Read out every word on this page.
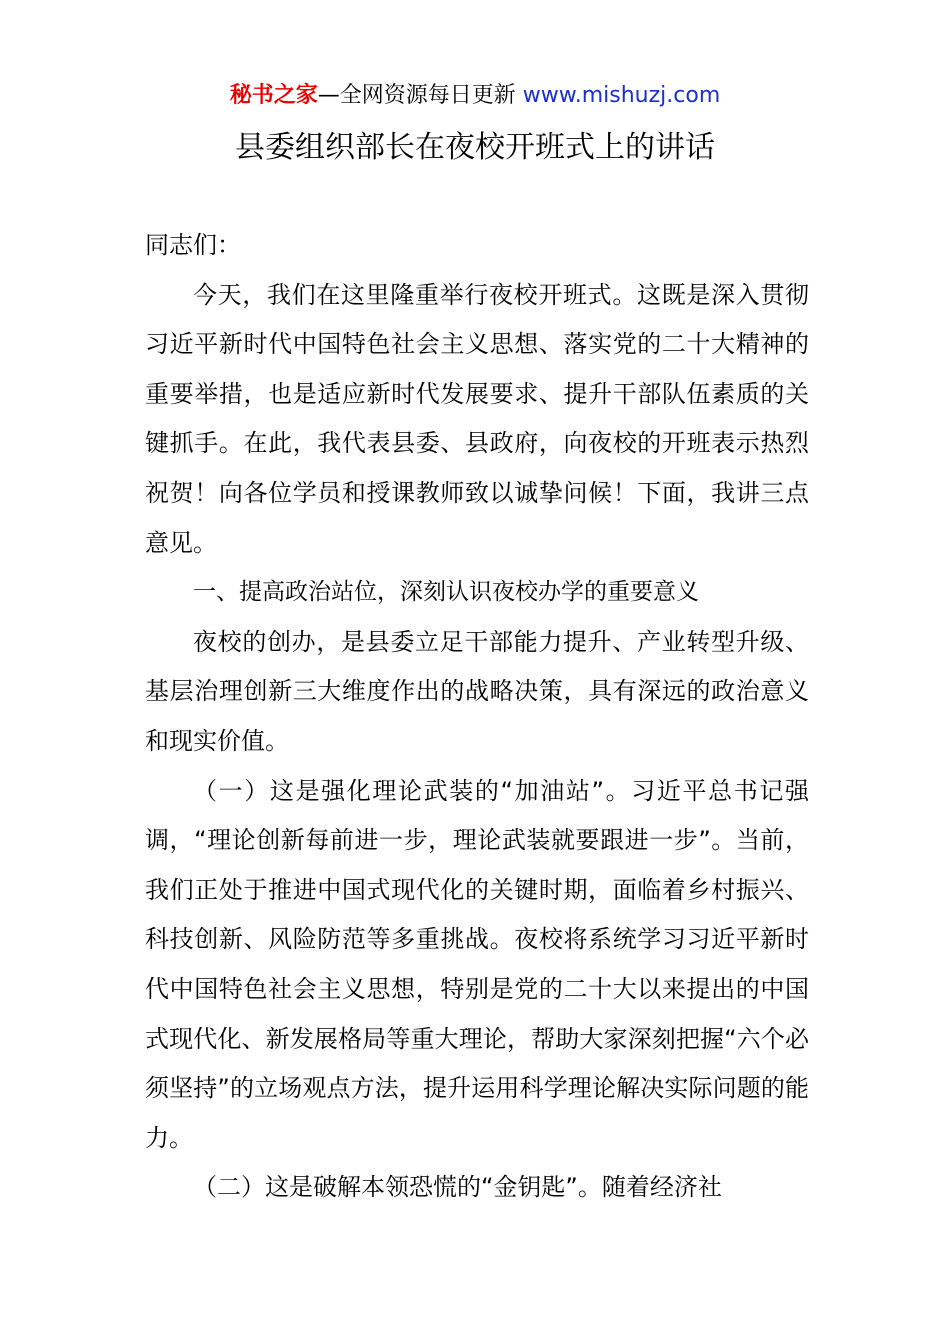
秘书之家—全网资源每日更新 www.mishuzj.com
县委组织部长在夜校开班式上的讲话

同志们：

今天，我们在这里隆重举行夜校开班式。这既是深入贯彻习近平新时代中国特色社会主义思想、落实党的二十大精神的重要举措，也是适应新时代发展要求、提升干部队伍素质的关键抓手。在此，我代表县委、县政府，向夜校的开班表示热烈祝贺！向各位学员和授课教师致以诚挚问候！下面，我讲三点意见。

一、提高政治站位，深刻认识夜校办学的重要意义

夜校的创办，是县委立足干部能力提升、产业转型升级、基层治理创新三大维度作出的战略决策，具有深远的政治意义和现实价值。

（一）这是强化理论武装的“加油站”。习近平总书记强调，“理论创新每前进一步，理论武装就要跟进一步”。当前，我们正处于推进中国式现代化的关键时期，面临着乡村振兴、科技创新、风险防范等多重挑战。夜校将系统学习习近平新时代中国特色社会主义思想，特别是党的二十大以来提出的中国式现代化、新发展格局等重大理论，帮助大家深刻把握“六个必须坚持”的立场观点方法，提升运用科学理论解决实际问题的能力。

（二）这是破解本领恐慌的“金钥匙”。随着经济社
